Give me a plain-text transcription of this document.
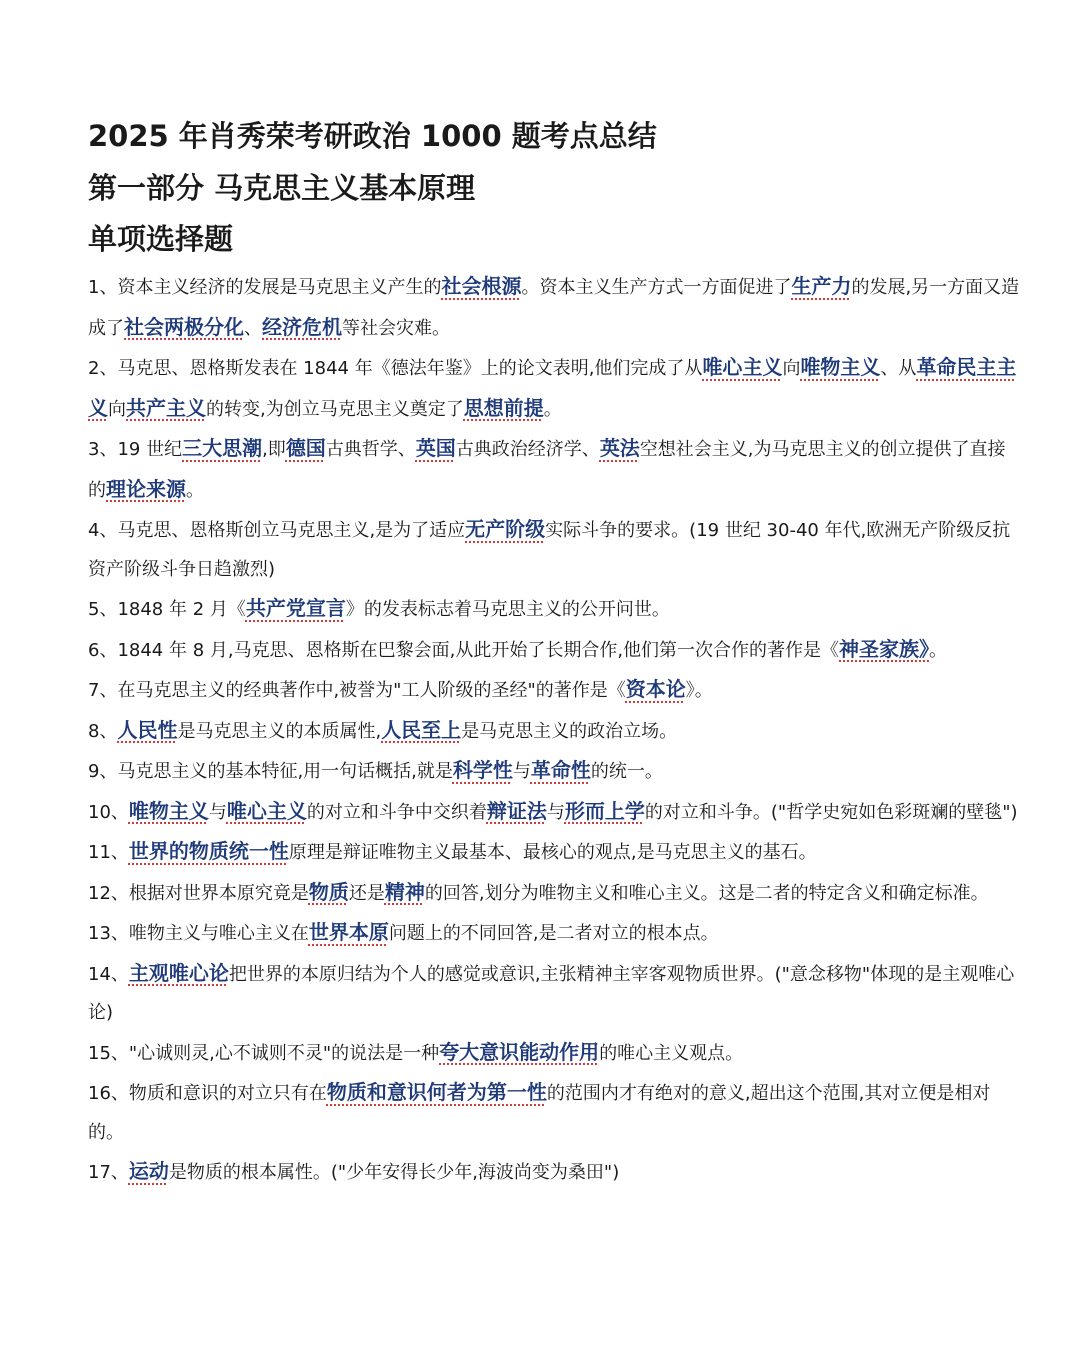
2025 年肖秀荣考研政治 1000 题考点总结
第一部分 马克思主义基本原理
单项选择题

1、资本主义经济的发展是马克思主义产生的社会根源。资本主义生产方式一方面促进了生产力的发展,另一方面又造成了社会两极分化、经济危机等社会灾难。

2、马克思、恩格斯发表在 1844 年《德法年鉴》上的论文表明,他们完成了从唯心主义向唯物主义、从革命民主主义向共产主义的转变,为创立马克思主义奠定了思想前提。

3、19 世纪三大思潮,即德国古典哲学、英国古典政治经济学、英法空想社会主义,为马克思主义的创立提供了直接的理论来源。

4、马克思、恩格斯创立马克思主义,是为了适应无产阶级实际斗争的要求。(19 世纪 30-40 年代,欧洲无产阶级反抗资产阶级斗争日趋激烈)

5、1848 年 2 月《共产党宣言》的发表标志着马克思主义的公开问世。

6、1844 年 8 月,马克思、恩格斯在巴黎会面,从此开始了长期合作,他们第一次合作的著作是《神圣家族》。

7、在马克思主义的经典著作中,被誉为"工人阶级的圣经"的著作是《资本论》。

8、人民性是马克思主义的本质属性,人民至上是马克思主义的政治立场。

9、马克思主义的基本特征,用一句话概括,就是科学性与革命性的统一。

10、唯物主义与唯心主义的对立和斗争中交织着辩证法与形而上学的对立和斗争。("哲学史宛如色彩斑斓的壁毯")

11、世界的物质统一性原理是辩证唯物主义最基本、最核心的观点,是马克思主义的基石。

12、根据对世界本原究竟是物质还是精神的回答,划分为唯物主义和唯心主义。这是二者的特定含义和确定标准。

13、唯物主义与唯心主义在世界本原问题上的不同回答,是二者对立的根本点。

14、主观唯心论把世界的本原归结为个人的感觉或意识,主张精神主宰客观物质世界。("意念移物"体现的是主观唯心论)

15、"心诚则灵,心不诚则不灵"的说法是一种夸大意识能动作用的唯心主义观点。

16、物质和意识的对立只有在物质和意识何者为第一性的范围内才有绝对的意义,超出这个范围,其对立便是相对的。

17、运动是物质的根本属性。("少年安得长少年,海波尚变为桑田")
